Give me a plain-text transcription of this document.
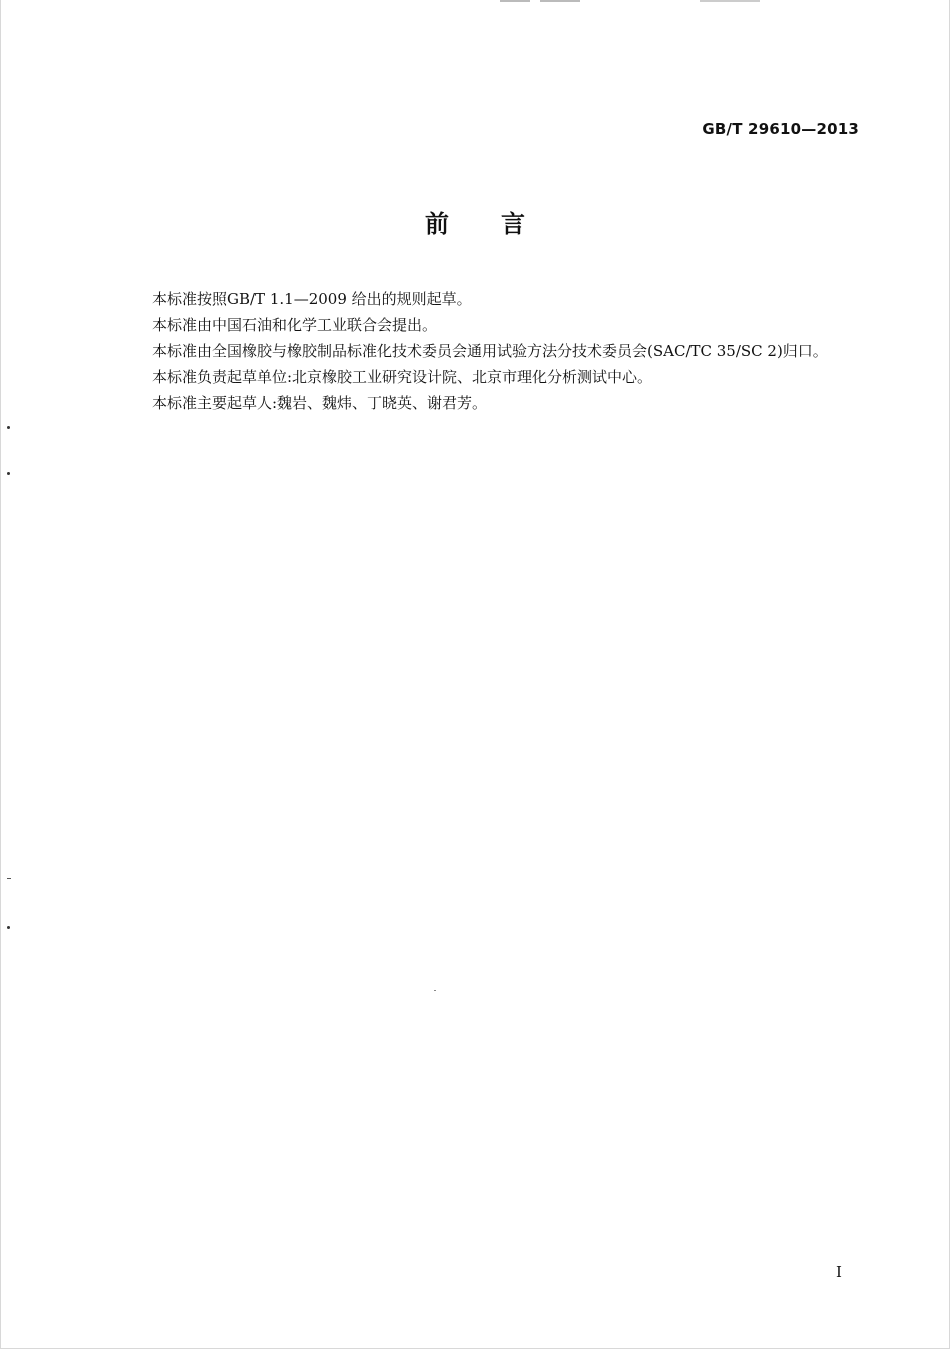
GB/T 29610—2013
前言

本标准按照GB/T 1.1—2009 给出的规则起草。

本标准由中国石油和化学工业联合会提出。

本标准由全国橡胶与橡胶制品标准化技术委员会通用试验方法分技术委员会(SAC/TC 35/SC 2)归口。

本标准负责起草单位:北京橡胶工业研究设计院、北京市理化分析测试中心。

本标准主要起草人:魏岩、魏炜、丁晓英、谢君芳。

I
